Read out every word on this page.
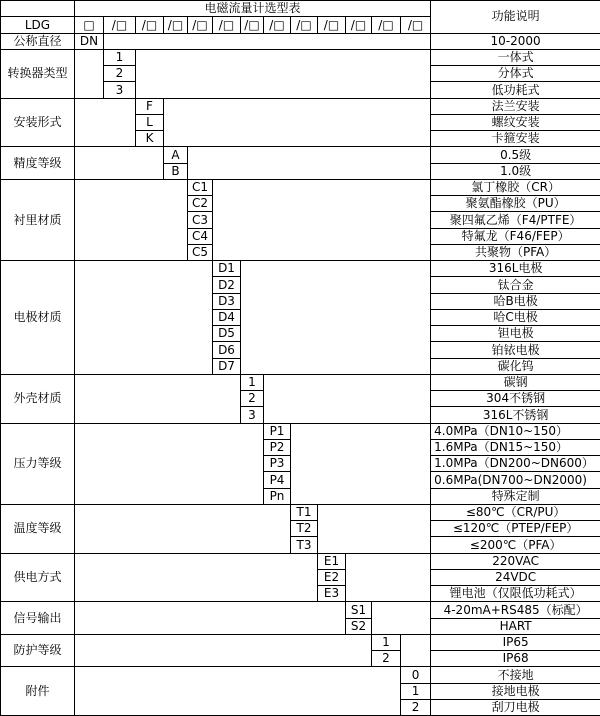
	电磁流量计选型表													功能说明
LDG	□	/□	/□	/□	/□	/□	/□	/□	/□	/□	/□	/□	/□	
公称直径	DN													10-2000
转换器类型		1												一体式
		2												分体式
		3												低功耗式
安装形式			F											法兰安装
			L											螺纹安装
			K											卡箍安装
精度等级				A										0.5级
				B										1.0级
衬里材质					C1									氯丁橡胶（CR）
					C2									聚氨酯橡胶（PU）
					C3									聚四氟乙烯（F4/PTFE）
					C4									特氟龙（F46/FEP）
					C5									共聚物（PFA）
电极材质						D1								316L电极
						D2								钛合金
						D3								哈B电极
						D4								哈C电极
						D5								钽电极
						D6								铂铱电极
						D7								碳化钨
外壳材质							1							碳钢
							2							304不锈钢
							3							316L不锈钢
压力等级								P1						4.0MPa（DN10~150）
								P2						1.6MPa（DN15~150）
								P3						1.0MPa（DN200~DN600）
								P4						0.6MPa(DN700~DN2000)
								Pn						特殊定制
温度等级									T1					≤80℃（CR/PU）
									T2					≤120℃（PTEP/FEP）
									T3					≤200℃（PFA）
供电方式										E1				220VAC
										E2				24VDC
										E3				锂电池（仅限低功耗式）
信号输出											S1			4-20mA+RS485（标配）
											S2			HART
防护等级												1		IP65
												2		IP68
附件													0	不接地
													1	接地电极
													2	刮刀电极
